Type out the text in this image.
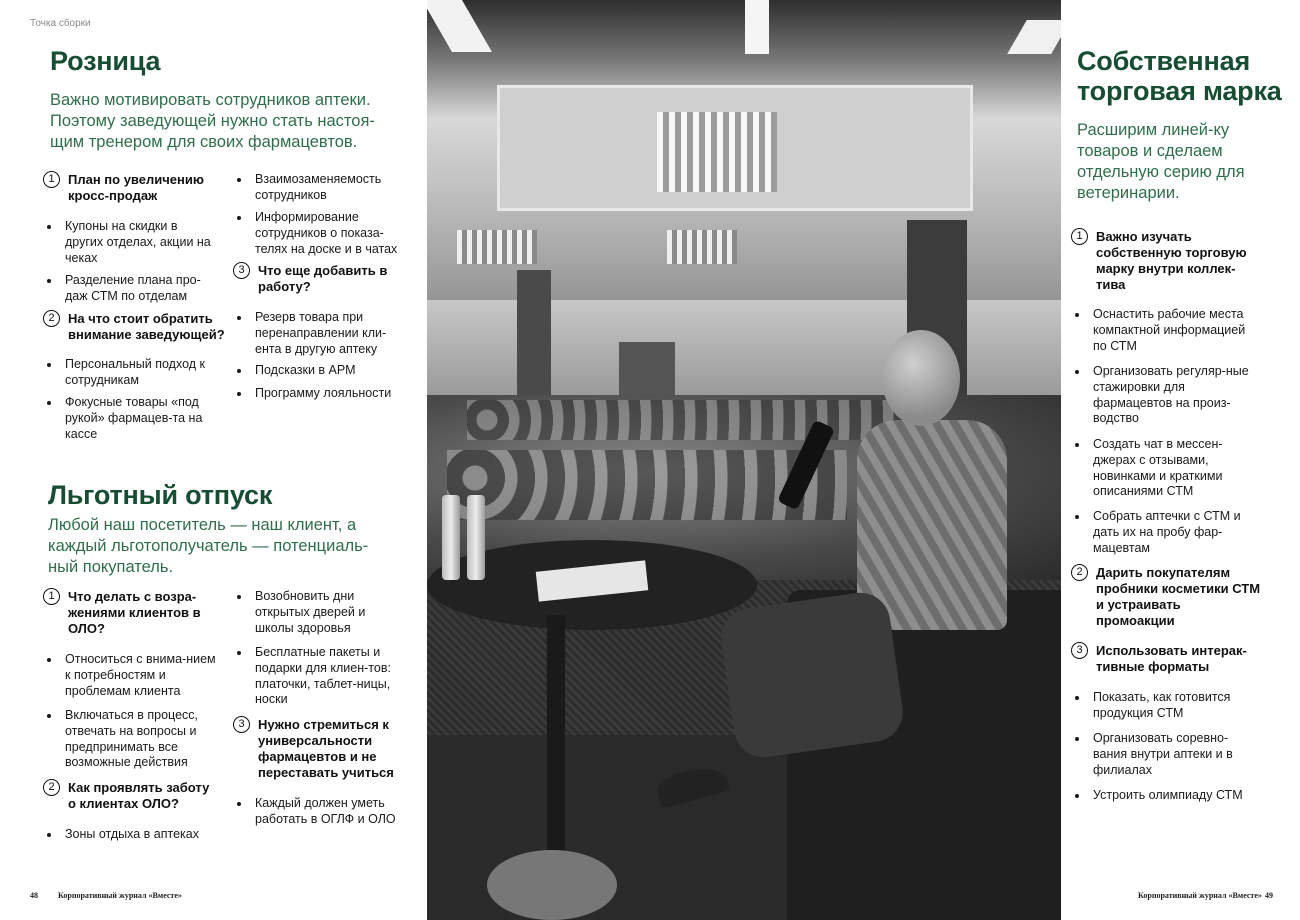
Точка сборки
Розница

Важно мотивировать сотрудников аптеки. Поэтому заведующей нужно стать настоя-щим тренером для своих фармацевтов.

1	План по увеличению кросс-продаж
Купоны на скидки в других отделах, акции на чеках
Разделение плана про-даж СТМ по отделам
2	На что стоит обратить внимание заведующей?
Персональный подход к сотрудникам
Фокусные товары «под рукой» фармацев-та на кассе
Взаимозаменяемость сотрудников
Информирование сотрудников о показа-телях на доске и в чатах
3	Что еще добавить в работу?
Резерв товара при перенаправлении кли-ента в другую аптеку
Подсказки в АРМ
Программу лояльности
Льготный отпуск

Любой наш посетитель — наш клиент, а каждый льготополучатель — потенциаль-ный покупатель.

1	Что делать с возра-жениями клиентов в ОЛО?
Относиться с внима-нием к потребностям и проблемам клиента
Включаться в процесс, отвечать на вопросы и предпринимать все возможные действия
2	Как проявлять заботу о клиентах ОЛО?
Зоны отдыха в аптеках
Возобновить дни открытых дверей и школы здоровья
Бесплатные пакеты и подарки для клиен-тов: платочки, таблет-ницы, носки
3	Нужно стремиться к универсальности фармацевтов и не переставать учиться
Каждый должен уметь работать в ОГЛФ и ОЛО
Собственная торговая марка

Расширим линей-ку товаров и сделаем отдельную серию для ветеринарии.

1	Важно изучать собственную торговую марку внутри коллек-тива
Оснастить рабочие места компактной информацией по СТМ
Организовать регуляр-ные стажировки для фармацевтов на произ-водство
Создать чат в мессен-джерах с отзывами, новинками и краткими описаниями СТМ
Собрать аптечки с СТМ и дать их на пробу фар-мацевтам
2	Дарить покупателям пробники косметики СТМ и устраивать промоакции
3	Использовать интерак-тивные форматы
Показать, как готовится продукция СТМ
Организовать соревно-вания внутри аптеки и в филиалах
Устроить олимпиаду СТМ
48	Корпоративный журнал «Вместе»	Корпоративный журнал «Вместе» 49
